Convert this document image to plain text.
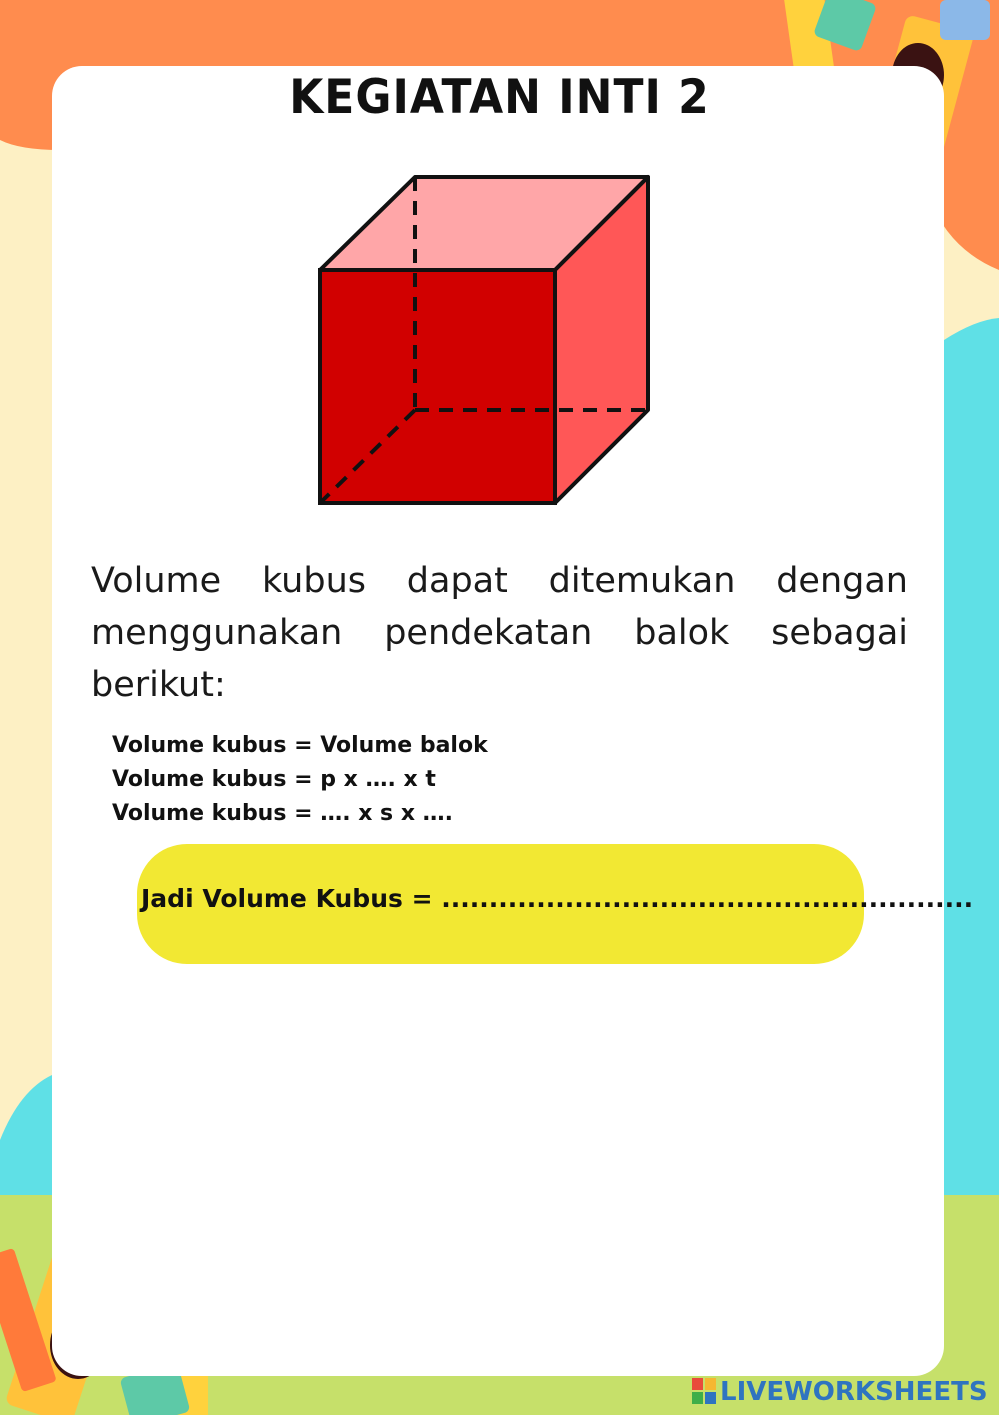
KEGIATAN INTI 2
Volume kubus dapat ditemukan dengan menggunakan pendekatan balok sebagai berikut:
Volume kubus = Volume balok
Volume kubus = p x …. x t
Volume kubus = …. x s x ….
Jadi Volume Kubus = ........................................................
LIVEWORKSHEETS
